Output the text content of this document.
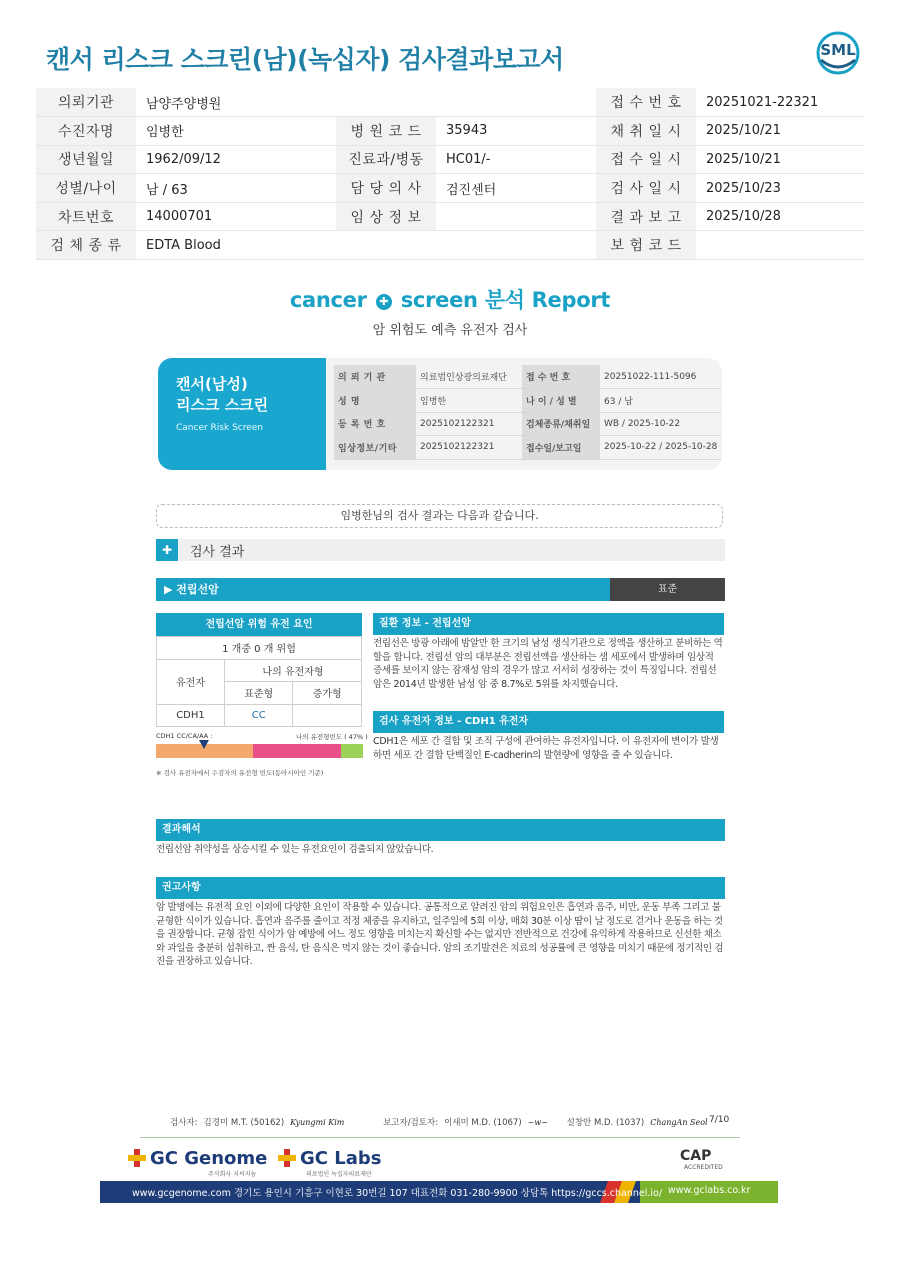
캔서 리스크 스크린(남)(녹십자) 검사결과보고서	SML
의뢰기관	남양주양병원			접 수 번 호	20251021-22321
수진자명	임병한	병 원 코 드	35943	채 취 일 시	2025/10/21
생년월일	1962/09/12	진료과/병동	HC01/-	접 수 일 시	2025/10/21
성별/나이	남 / 63	담 당 의 사	검진센터	검 사 일 시	2025/10/23
차트번호	14000701	임 상 정 보		결 과 보 고	2025/10/28
검 체 종 류	EDTA Blood			보 험 코 드	
cancer ✚ screen 분석 Report
암 위험도 예측 유전자 검사
캔서(남성)
리스크 스크린
Cancer Risk Screen
의 뢰 기 관	의료법인상광의료재단	접 수 번 호	20251022-111-5096
성 명	임병한	나 이 / 성 별	63 / 남
등 록 번 호	2025102122321	검체종류/채취일	WB / 2025-10-22
임상정보/기타	2025102122321	접수일/보고일	2025-10-22 / 2025-10-28
임병한님의 검사 결과는 다음과 같습니다.
✚	검사 결과
▶ 전립선암	표준
전립선암 위험 유전 요인
1 개중 0 개 위험		
유전자	나의 유전자형	
	표준형	증가형
CDH1	CC	
CDH1 CC/CA/AA :	나의 유전형빈도 ( 47% )
※ 검사 유전자에서 수검자의 유전형 빈도(동아시아인 기준)
질환 정보 - 전립선암
전립선은 방광 아래에 밤알만 한 크기의 남성 생식기관으로 정액을 생산하고 분비하는 역할을 합니다. 전립선 암의 대부분은 전립선액을 생산하는 샘 세포에서 발생하며 임상적 증세를 보이지 않는 잠재성 암의 경우가 많고 서서히 성장하는 것이 특징입니다. 전립선암은 2014년 발생한 남성 암 중 8.7%로 5위를 차지했습니다.
검사 유전자 정보 - CDH1 유전자
CDH1은 세포 간 결합 및 조직 구성에 관여하는 유전자입니다. 이 유전자에 변이가 발생하면 세포 간 결합 단백질인 E-cadherin의 발현량에 영향을 줄 수 있습니다.
결과해석
전립선암 취약성을 상승시킬 수 있는 유전요인이 검출되지 않았습니다.
권고사항
암 발병에는 유전적 요인 이외에 다양한 요인이 작용할 수 있습니다. 공통적으로 알려진 암의 위험요인은 흡연과 음주, 비만, 운동 부족 그리고 불균형한 식이가 있습니다. 흡연과 음주를 줄이고 적정 체중을 유지하고, 일주일에 5회 이상, 매회 30분 이상 땀이 날 정도로 걷거나 운동을 하는 것을 권장합니다. 균형 잡힌 식이가 암 예방에 어느 정도 영향을 미치는지 확신할 수는 없지만 전반적으로 건강에 유익하게 작용하므로 신선한 채소와 과일을 충분히 섭취하고, 짠 음식, 탄 음식은 먹지 않는 것이 좋습니다. 암의 조기발견은 치료의 성공률에 큰 영향을 미치기 때문에 정기적인 검진을 권장하고 있습니다.
검사자: 김경미 M.T. (50162) Kyungmi Kim	보고자/검토자: 이새미 M.D. (1067) ~w~ 설창안 M.D. (1037) ChangAn Seol 7/10
GC Genome
주식회사 지씨지놈
GC Labs
의료법인 녹십자의료재단
CAP
ACCREDITED
www.gcgenome.com 경기도 용인시 기흥구 이현로 30번길 107 대표전화 031-280-9900 상담톡 https://gccs.channel.io/ www.gclabs.co.kr
